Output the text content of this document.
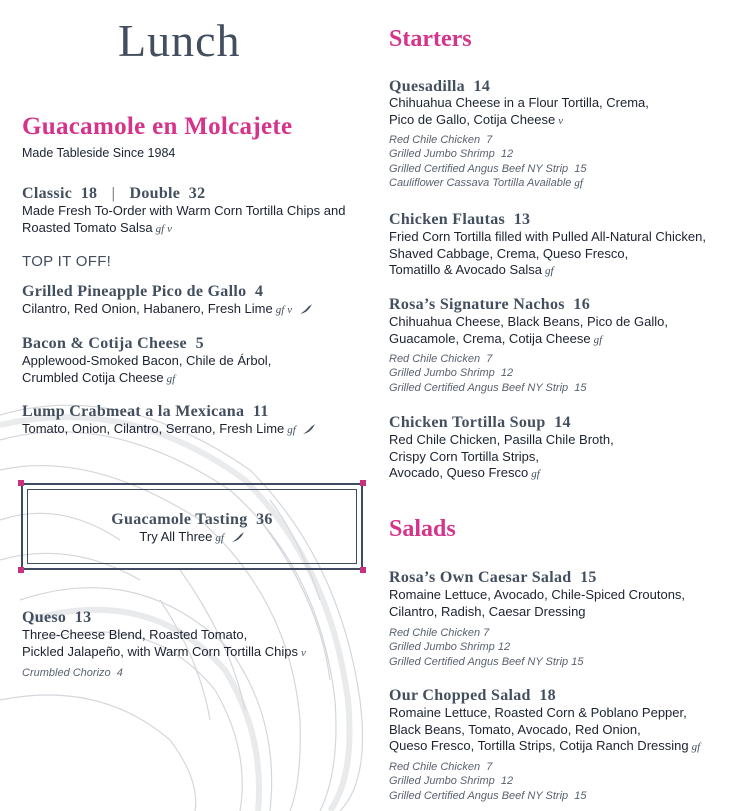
Lunch
Guacamole en Molcajete
Made Tableside Since 1984
Classic 18 | Double 32
Made Fresh To-Order with Warm Corn Tortilla Chips and
Roasted Tomato Salsa gf v
TOP IT OFF!
Grilled Pineapple Pico de Gallo 4
Cilantro, Red Onion, Habanero, Fresh Lime gf v
Bacon & Cotija Cheese 5
Applewood-Smoked Bacon, Chile de Árbol,
Crumbled Cotija Cheese gf
Lump Crabmeat a la Mexicana 11
Tomato, Onion, Cilantro, Serrano, Fresh Lime gf
Guacamole Tasting 36
Try All Three gf
Queso 13
Three-Cheese Blend, Roasted Tomato,
Pickled Jalapeño, with Warm Corn Tortilla Chips v
Crumbled Chorizo 4
Starters
Quesadilla 14
Chihuahua Cheese in a Flour Tortilla, Crema,
Pico de Gallo, Cotija Cheese v
Red Chile Chicken 7
Grilled Jumbo Shrimp 12
Grilled Certified Angus Beef NY Strip 15
Cauliflower Cassava Tortilla Available gf
Chicken Flautas 13
Fried Corn Tortilla filled with Pulled All-Natural Chicken,
Shaved Cabbage, Crema, Queso Fresco,
Tomatillo & Avocado Salsa gf
Rosa’s Signature Nachos 16
Chihuahua Cheese, Black Beans, Pico de Gallo,
Guacamole, Crema, Cotija Cheese gf
Red Chile Chicken 7
Grilled Jumbo Shrimp 12
Grilled Certified Angus Beef NY Strip 15
Chicken Tortilla Soup 14
Red Chile Chicken, Pasilla Chile Broth,
Crispy Corn Tortilla Strips,
Avocado, Queso Fresco gf
Salads
Rosa’s Own Caesar Salad 15
Romaine Lettuce, Avocado, Chile-Spiced Croutons,
Cilantro, Radish, Caesar Dressing
Red Chile Chicken 7
Grilled Jumbo Shrimp 12
Grilled Certified Angus Beef NY Strip 15
Our Chopped Salad 18
Romaine Lettuce, Roasted Corn & Poblano Pepper,
Black Beans, Tomato, Avocado, Red Onion,
Queso Fresco, Tortilla Strips, Cotija Ranch Dressing gf
Red Chile Chicken 7
Grilled Jumbo Shrimp 12
Grilled Certified Angus Beef NY Strip 15
